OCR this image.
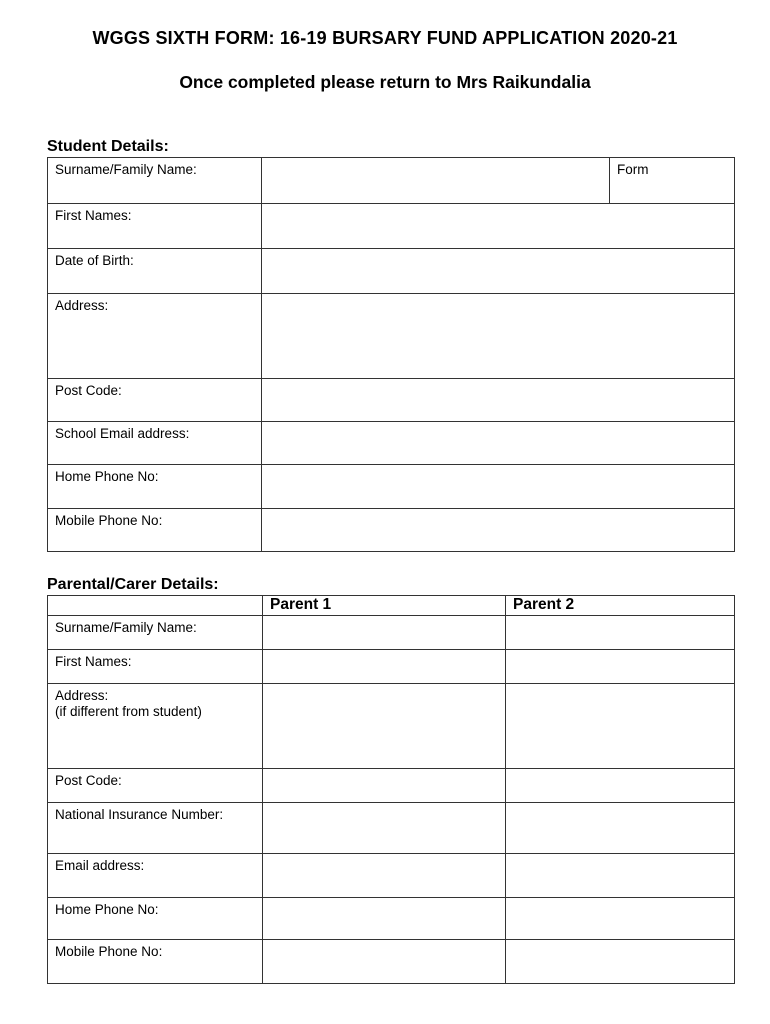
WGGS SIXTH FORM: 16-19 BURSARY FUND APPLICATION 2020-21
Once completed please return to Mrs Raikundalia
Student Details:
Surname/Family Name:		Form
First Names:		
Date of Birth:		
Address:		
Post Code:		
School Email address:		
Home Phone No:		
Mobile Phone No:		
Parental/Carer Details:
	Parent 1	Parent 2
Surname/Family Name:		
First Names:		

Address:
(if different from student)		

Post Code:		
National Insurance Number:		
Email address:		
Home Phone No:		
Mobile Phone No:		
